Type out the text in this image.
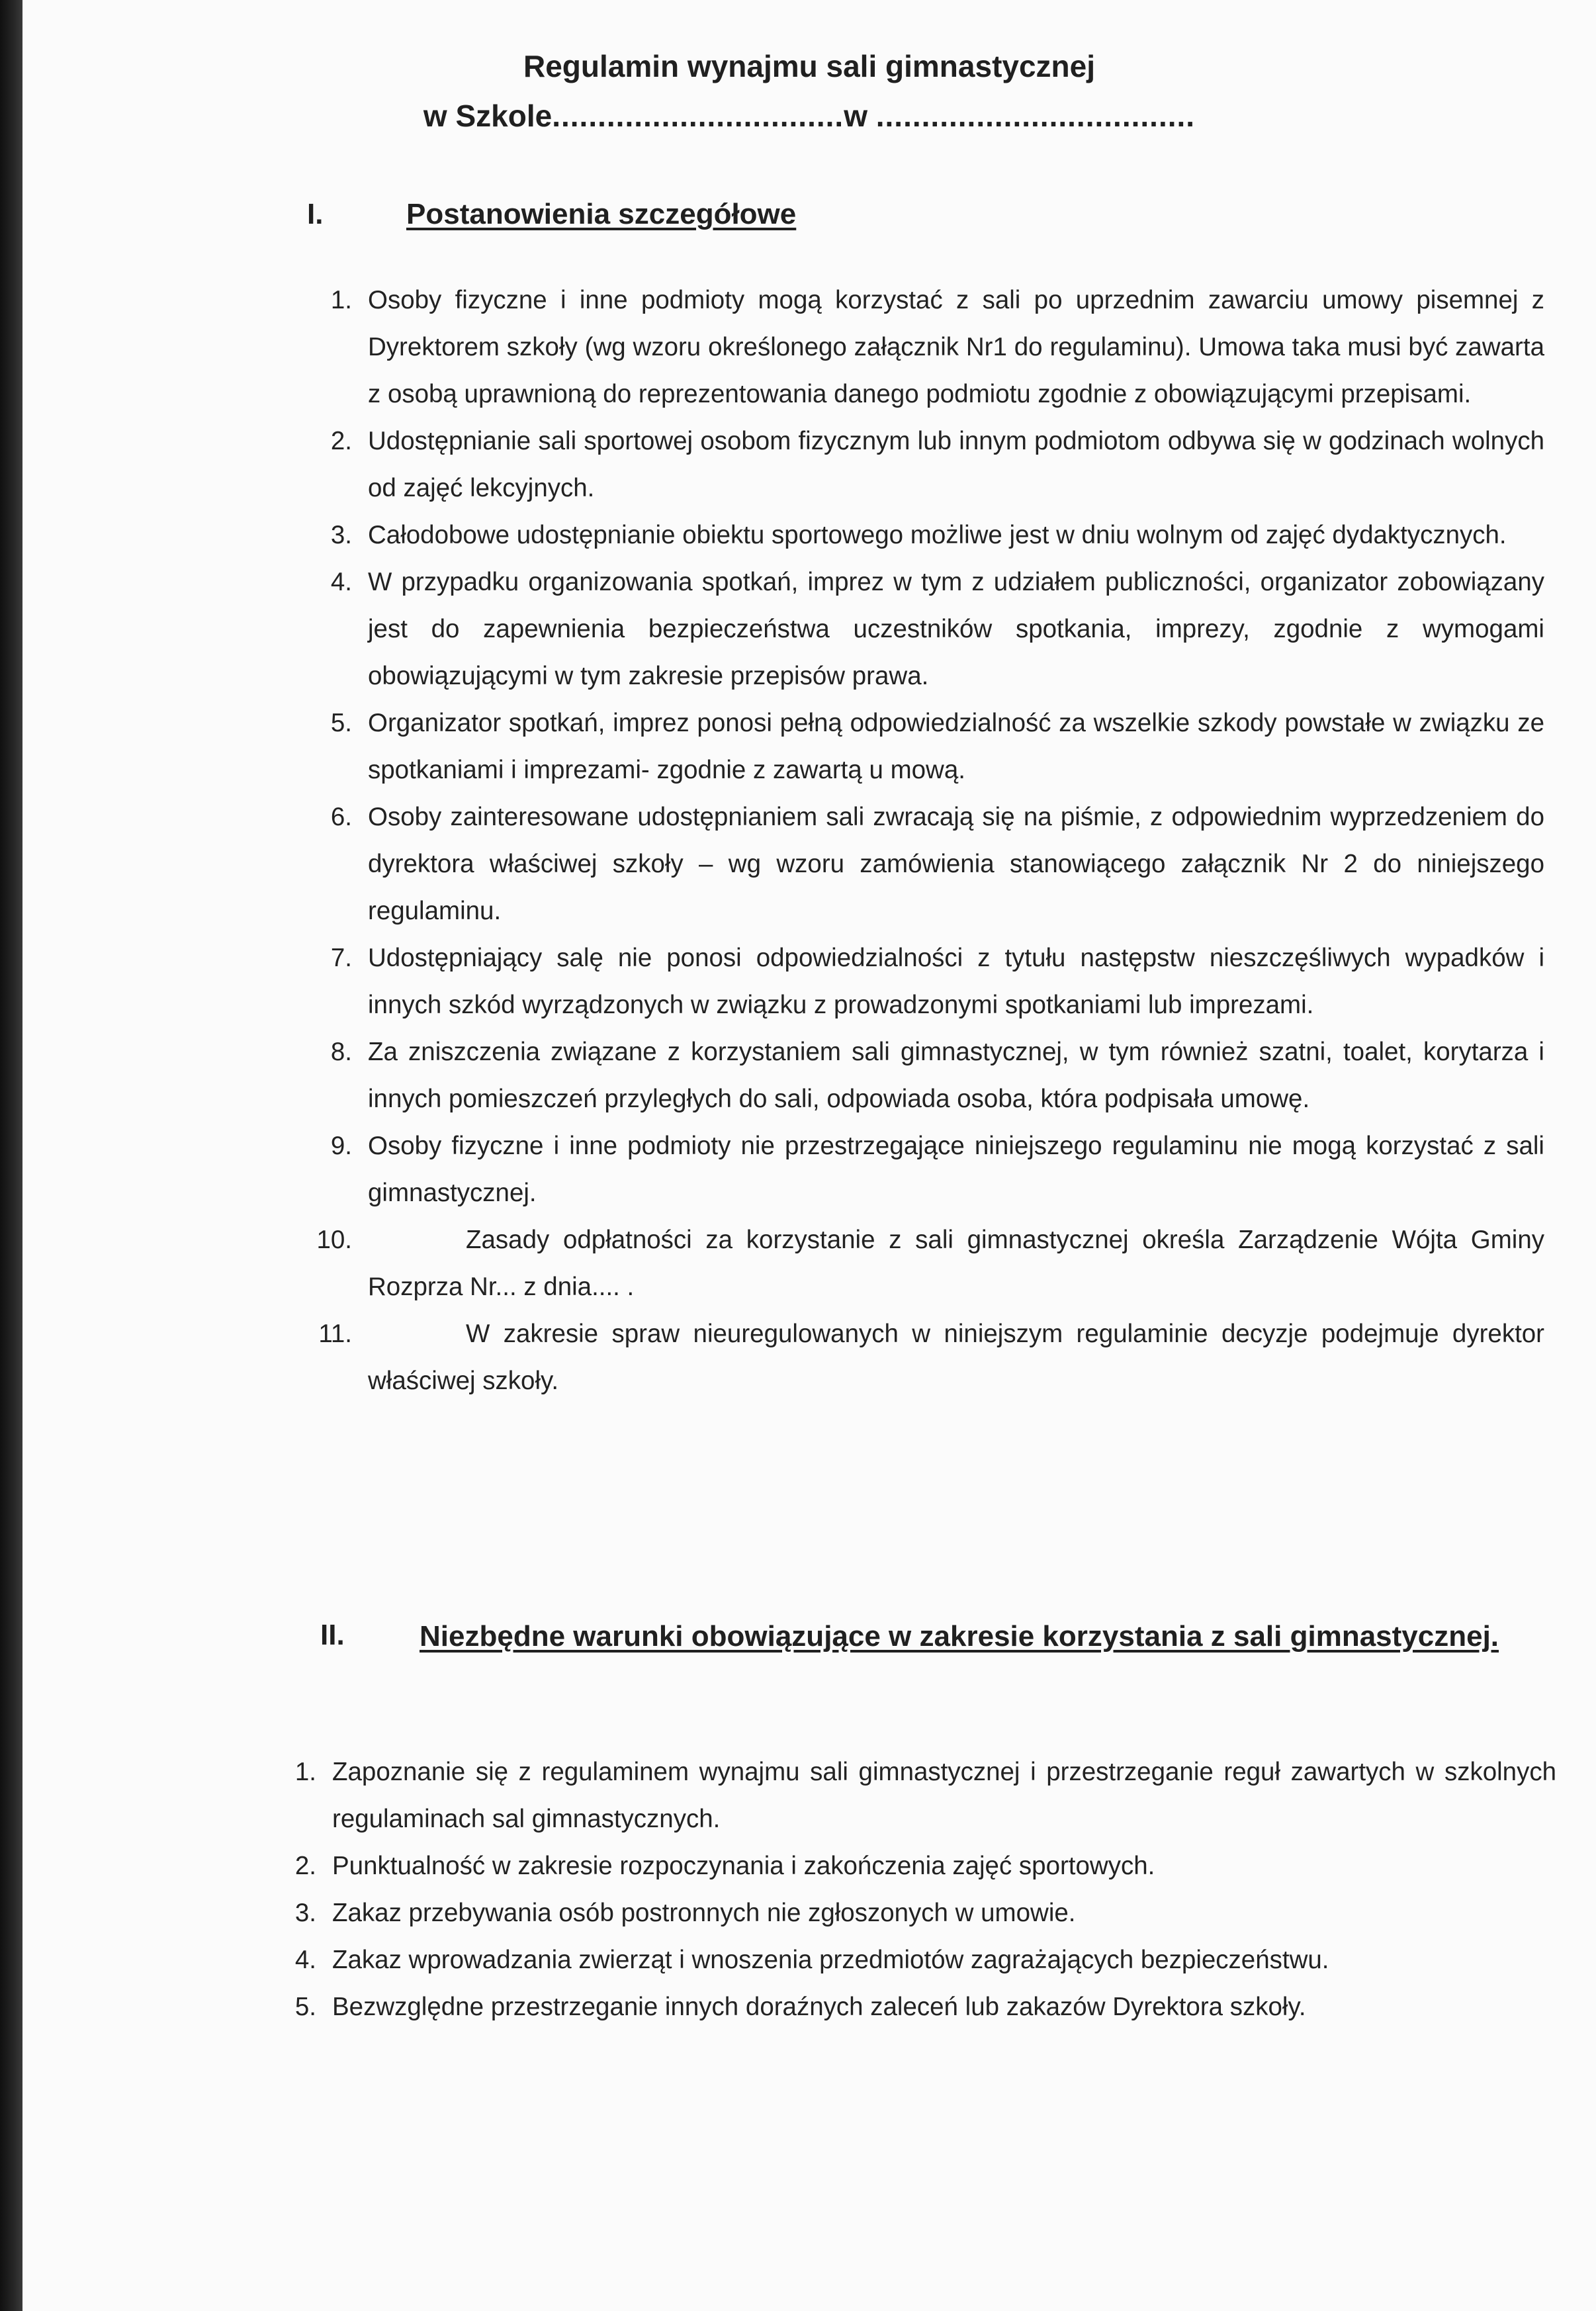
Regulamin wynajmu sali gimnastycznej
w Szkole................................w ...................................
I.	Postanowienia szczegółowe
1. Osoby fizyczne i inne podmioty mogą korzystać z sali po uprzednim zawarciu umowy pisemnej z Dyrektorem szkoły (wg wzoru określonego załącznik Nr1 do regulaminu). Umowa taka musi być zawarta z osobą uprawnioną do reprezentowania danego podmiotu zgodnie z obowiązującymi przepisami.
2. Udostępnianie sali sportowej osobom fizycznym lub innym podmiotom odbywa się w godzinach wolnych od zajęć lekcyjnych.
3. Całodobowe udostępnianie obiektu sportowego możliwe jest w dniu wolnym od zajęć dydaktycznych.
4. W przypadku organizowania spotkań, imprez w tym z udziałem publiczności, organizator zobowiązany jest do zapewnienia bezpieczeństwa uczestników spotkania, imprezy, zgodnie z wymogami obowiązującymi w tym zakresie przepisów prawa.
5. Organizator spotkań, imprez ponosi pełną odpowiedzialność za wszelkie szkody powstałe w związku ze spotkaniami i imprezami- zgodnie z zawartą u mową.
6. Osoby zainteresowane udostępnianiem sali zwracają się na piśmie, z odpowiednim wyprzedzeniem do dyrektora właściwej szkoły – wg wzoru zamówienia stanowiącego załącznik Nr 2 do niniejszego regulaminu.
7. Udostępniający salę nie ponosi odpowiedzialności z tytułu następstw nieszczęśliwych wypadków i innych szkód wyrządzonych w związku z prowadzonymi spotkaniami lub imprezami.
8. Za zniszczenia związane z korzystaniem sali gimnastycznej, w tym również szatni, toalet, korytarza i innych pomieszczeń przyległych do sali, odpowiada osoba, która podpisała umowę.
9. Osoby fizyczne i inne podmioty nie przestrzegające niniejszego regulaminu nie mogą korzystać z sali gimnastycznej.
10.	Zasady odpłatności za korzystanie z sali gimnastycznej określa Zarządzenie Wójta Gminy Rozprza Nr... z dnia.... .
11.	W zakresie spraw nieuregulowanych w niniejszym regulaminie decyzje podejmuje dyrektor właściwej szkoły.
II.	Niezbędne warunki obowiązujące w zakresie korzystania z sali gimnastycznej.
1. Zapoznanie się z regulaminem wynajmu sali gimnastycznej i przestrzeganie reguł zawartych w szkolnych regulaminach sal gimnastycznych.
2. Punktualność w zakresie rozpoczynania i zakończenia zajęć sportowych.
3. Zakaz przebywania osób postronnych nie zgłoszonych w umowie.
4. Zakaz wprowadzania zwierząt i wnoszenia przedmiotów zagrażających bezpieczeństwu.
5. Bezwzględne przestrzeganie innych doraźnych zaleceń lub zakazów Dyrektora szkoły.
